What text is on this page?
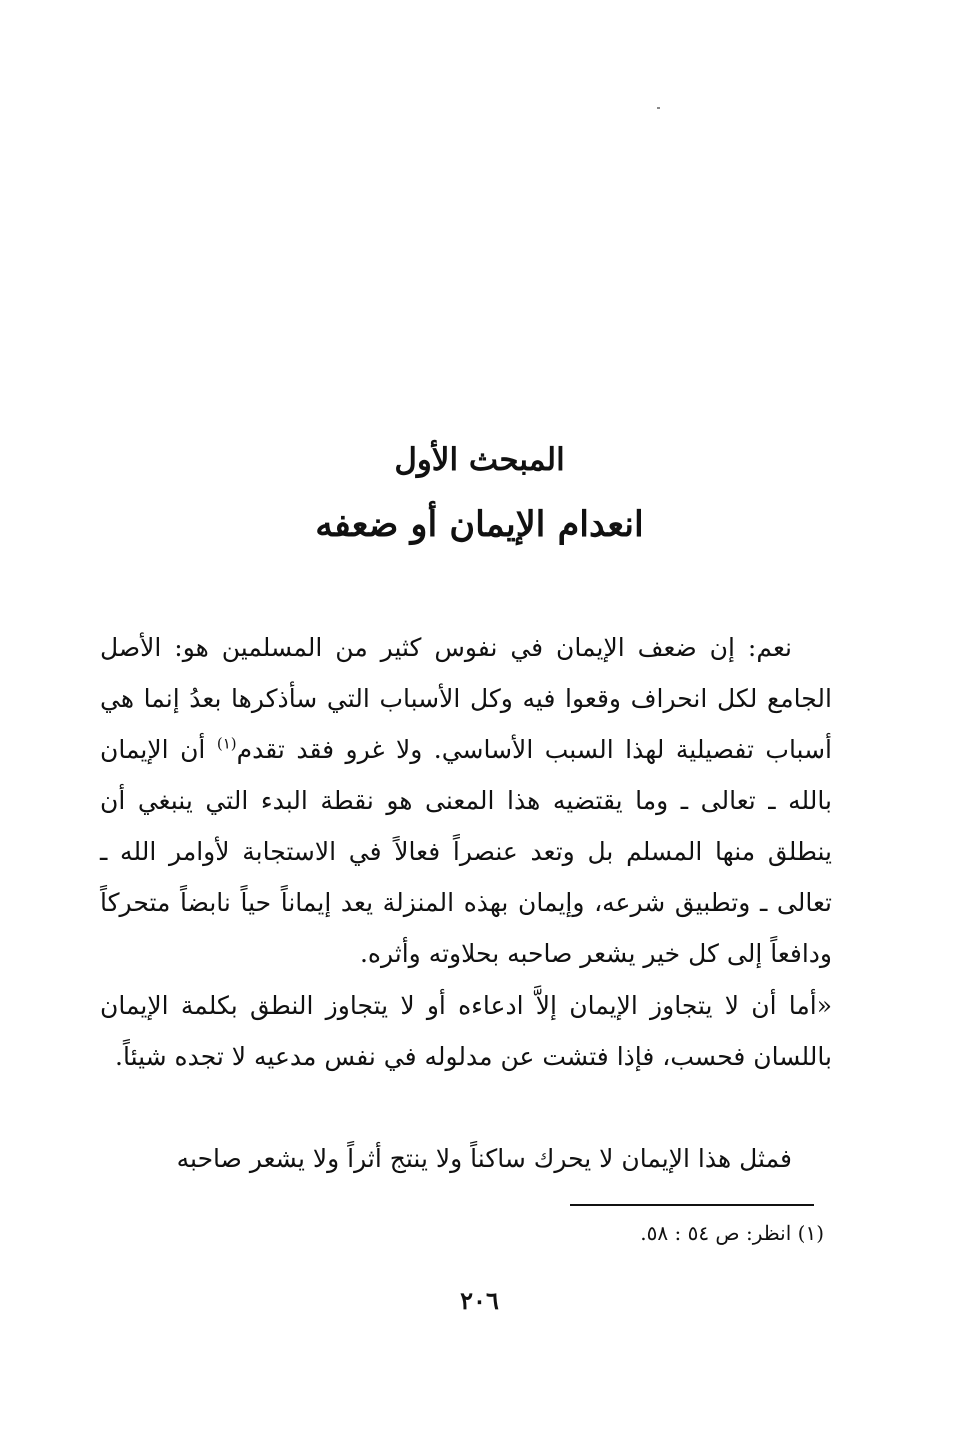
المبحث الأول
انعدام الإيمان أو ضعفه

نعم: إن ضعف الإيمان في نفوس كثير من المسلمين هو: الأصل الجامع لكل انحراف وقعوا فيه وكل الأسباب التي سأذكرها بعدُ إنما هي أسباب تفصيلية لهذا السبب الأساسي. ولا غرو فقد تقدم$^{(١)}$ أن الإيمان بالله ـ تعالى ـ وما يقتضيه هذا المعنى هو نقطة البدء التي ينبغي أن ينطلق منها المسلم بل وتعد عنصراً فعالاً في الاستجابة لأوامر الله ـ تعالى ـ وتطبيق شرعه، وإيمان بهذه المنزلة يعد إيماناً حياً نابضاً متحركاً ودافعاً إلى كل خير يشعر صاحبه بحلاوته وأثره.

«أما أن لا يتجاوز الإيمان إلاَّ ادعاءه أو لا يتجاوز النطق بكلمة الإيمان باللسان فحسب، فإذا فتشت عن مدلوله في نفس مدعيه لا تجده شيئاً.

فمثل هذا الإيمان لا يحرك ساكناً ولا ينتج أثراً ولا يشعر صاحبه

(١) انظر: ص ٥٤ : ٥٨.
٢٠٦
